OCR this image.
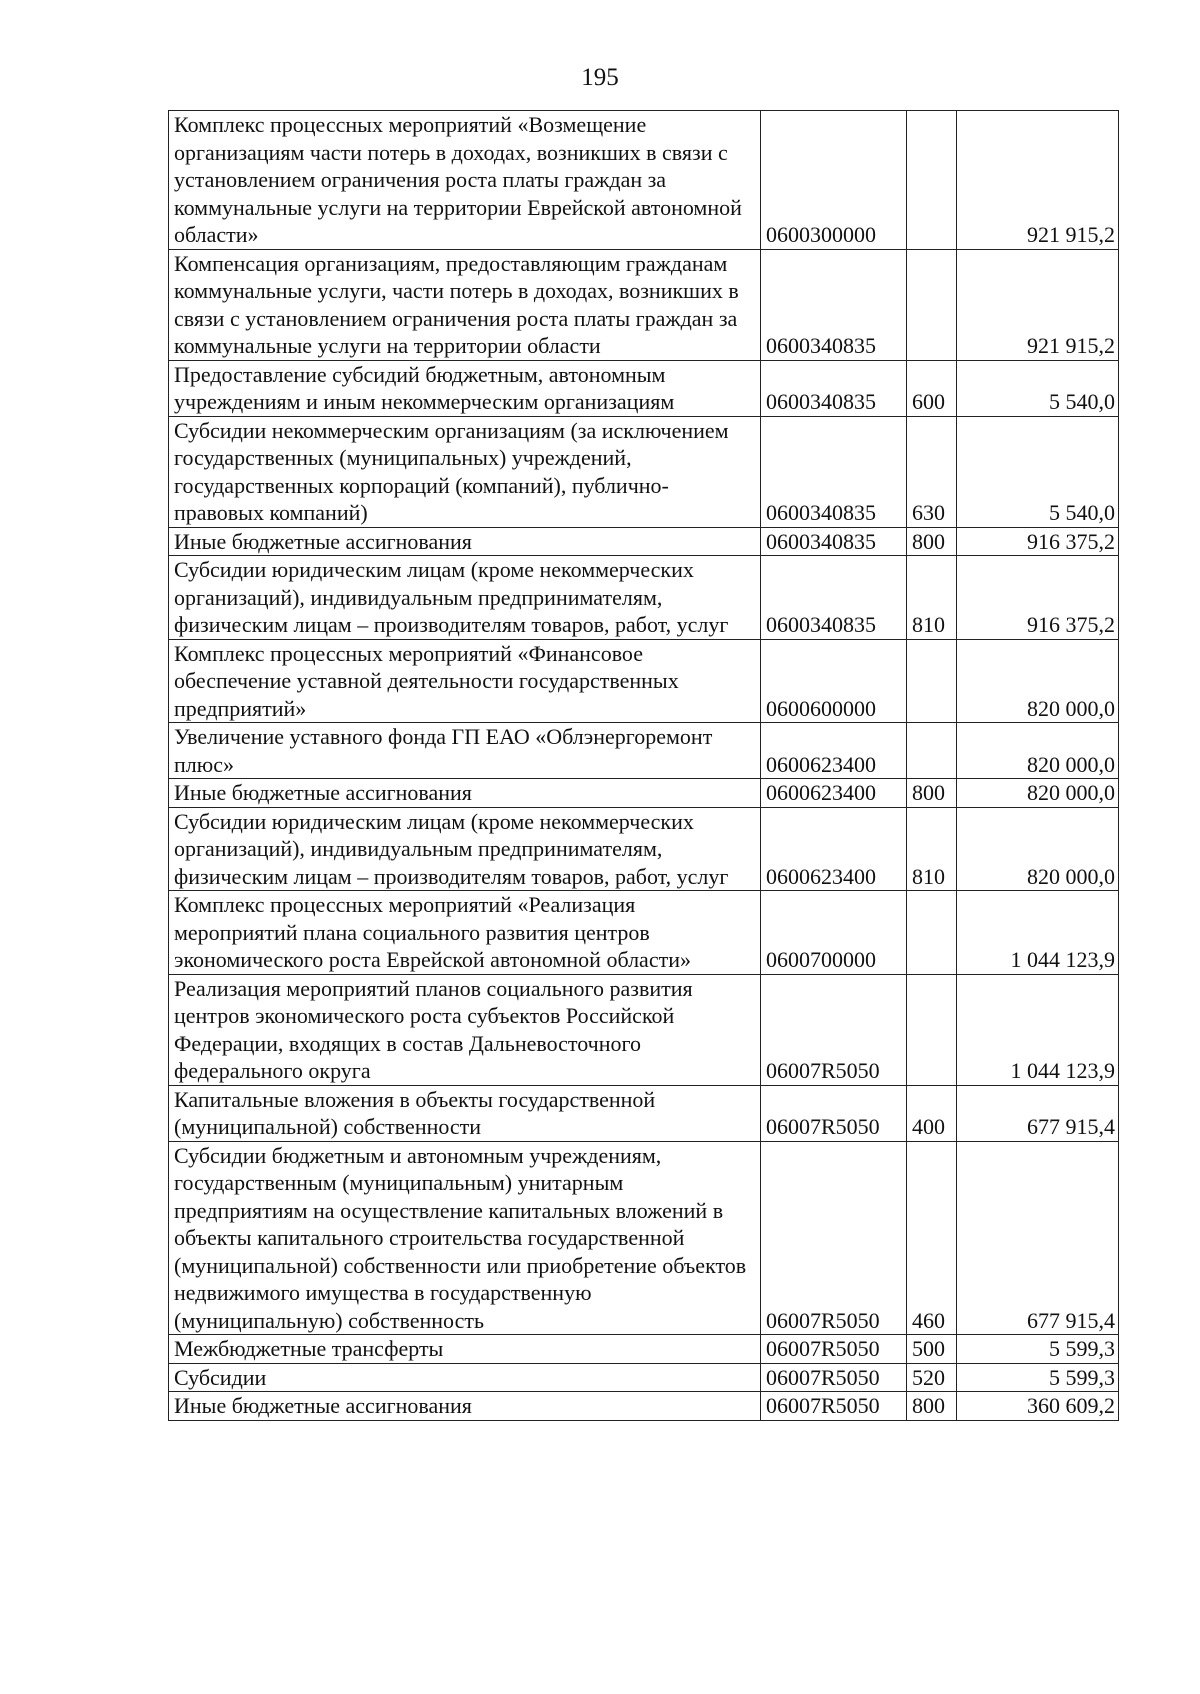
195
Комплекс процессных мероприятий «Возмещение организациям части потерь в доходах, возникших в связи с установлением ограничения роста платы граждан за коммунальные услуги на территории Еврейской автономной области»	0600300000		921 915,2
Компенсация организациям, предоставляющим гражданам коммунальные услуги, части потерь в доходах, возникших в связи с установлением ограничения роста платы граждан за коммунальные услуги на территории области	0600340835		921 915,2
Предоставление субсидий бюджетным, автономным учреждениям и иным некоммерческим организациям	0600340835	600	5 540,0
Субсидии некоммерческим организациям (за исключением государственных (муниципальных) учреждений, государственных корпораций (компаний), публично-правовых компаний)	0600340835	630	5 540,0
Иные бюджетные ассигнования	0600340835	800	916 375,2
Субсидии юридическим лицам (кроме некоммерческих организаций), индивидуальным предпринимателям, физическим лицам – производителям товаров, работ, услуг	0600340835	810	916 375,2
Комплекс процессных мероприятий «Финансовое обеспечение уставной деятельности государственных предприятий»	0600600000		820 000,0
Увеличение уставного фонда ГП ЕАО «Облэнергоремонт плюс»	0600623400		820 000,0
Иные бюджетные ассигнования	0600623400	800	820 000,0
Субсидии юридическим лицам (кроме некоммерческих организаций), индивидуальным предпринимателям, физическим лицам – производителям товаров, работ, услуг	0600623400	810	820 000,0
Комплекс процессных мероприятий «Реализация мероприятий плана социального развития центров экономического роста Еврейской автономной области»	0600700000		1 044 123,9
Реализация мероприятий планов социального развития центров экономического роста субъектов Российской Федерации, входящих в состав Дальневосточного федерального округа	06007R5050		1 044 123,9
Капитальные вложения в объекты государственной (муниципальной) собственности	06007R5050	400	677 915,4
Субсидии бюджетным и автономным учреждениям, государственным (муниципальным) унитарным предприятиям на осуществление капитальных вложений в объекты капитального строительства государственной (муниципальной) собственности или приобретение объектов недвижимого имущества в государственную (муниципальную) собственность	06007R5050	460	677 915,4
Межбюджетные трансферты	06007R5050	500	5 599,3
Субсидии	06007R5050	520	5 599,3
Иные бюджетные ассигнования	06007R5050	800	360 609,2
